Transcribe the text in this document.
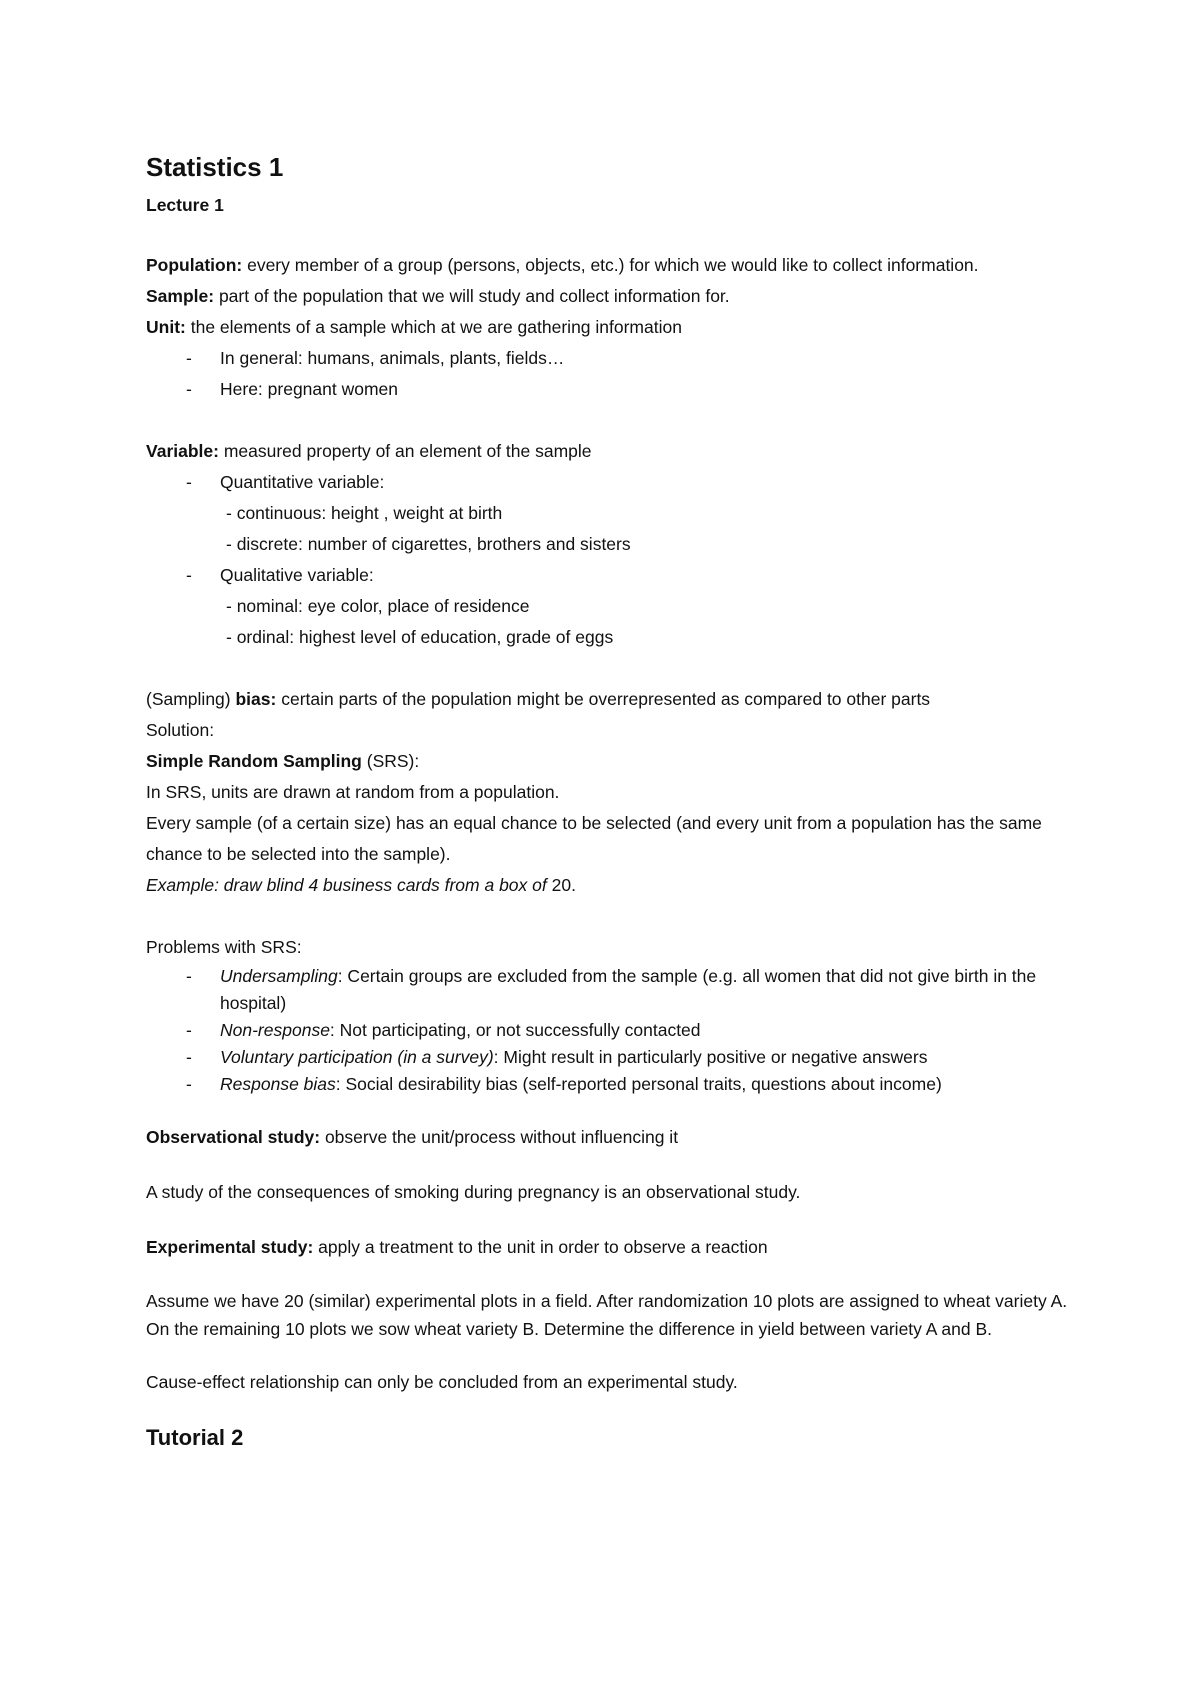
Statistics 1
Lecture 1

Population: every member of a group (persons, objects, etc.) for which we would like to collect information.

Sample: part of the population that we will study and collect information for.

Unit: the elements of a sample which at we are gathering information

- In general: humans, animals, plants, fields…
- Here: pregnant women

Variable: measured property of an element of the sample

- Quantitative variable:
- continuous: height , weight at birth
- discrete: number of cigarettes, brothers and sisters
- Qualitative variable:
- nominal: eye color, place of residence
- ordinal: highest level of education, grade of eggs

(Sampling) bias: certain parts of the population might be overrepresented as compared to other parts

Solution:

Simple Random Sampling (SRS):

In SRS, units are drawn at random from a population.

Every sample (of a certain size) has an equal chance to be selected (and every unit from a population has the same chance to be selected into the sample).

Example: draw blind 4 business cards from a box of 20.

Problems with SRS:

- Undersampling: Certain groups are excluded from the sample (e.g. all women that did not give birth in the hospital)
- Non-response: Not participating, or not successfully contacted
- Voluntary participation (in a survey): Might result in particularly positive or negative answers
- Response bias: Social desirability bias (self-reported personal traits, questions about income)

Observational study: observe the unit/process without influencing it

A study of the consequences of smoking during pregnancy is an observational study.

Experimental study: apply a treatment to the unit in order to observe a reaction

Assume we have 20 (similar) experimental plots in a field. After randomization 10 plots are assigned to wheat variety A. On the remaining 10 plots we sow wheat variety B. Determine the difference in yield between variety A and B.

Cause-effect relationship can only be concluded from an experimental study.

Tutorial 2
